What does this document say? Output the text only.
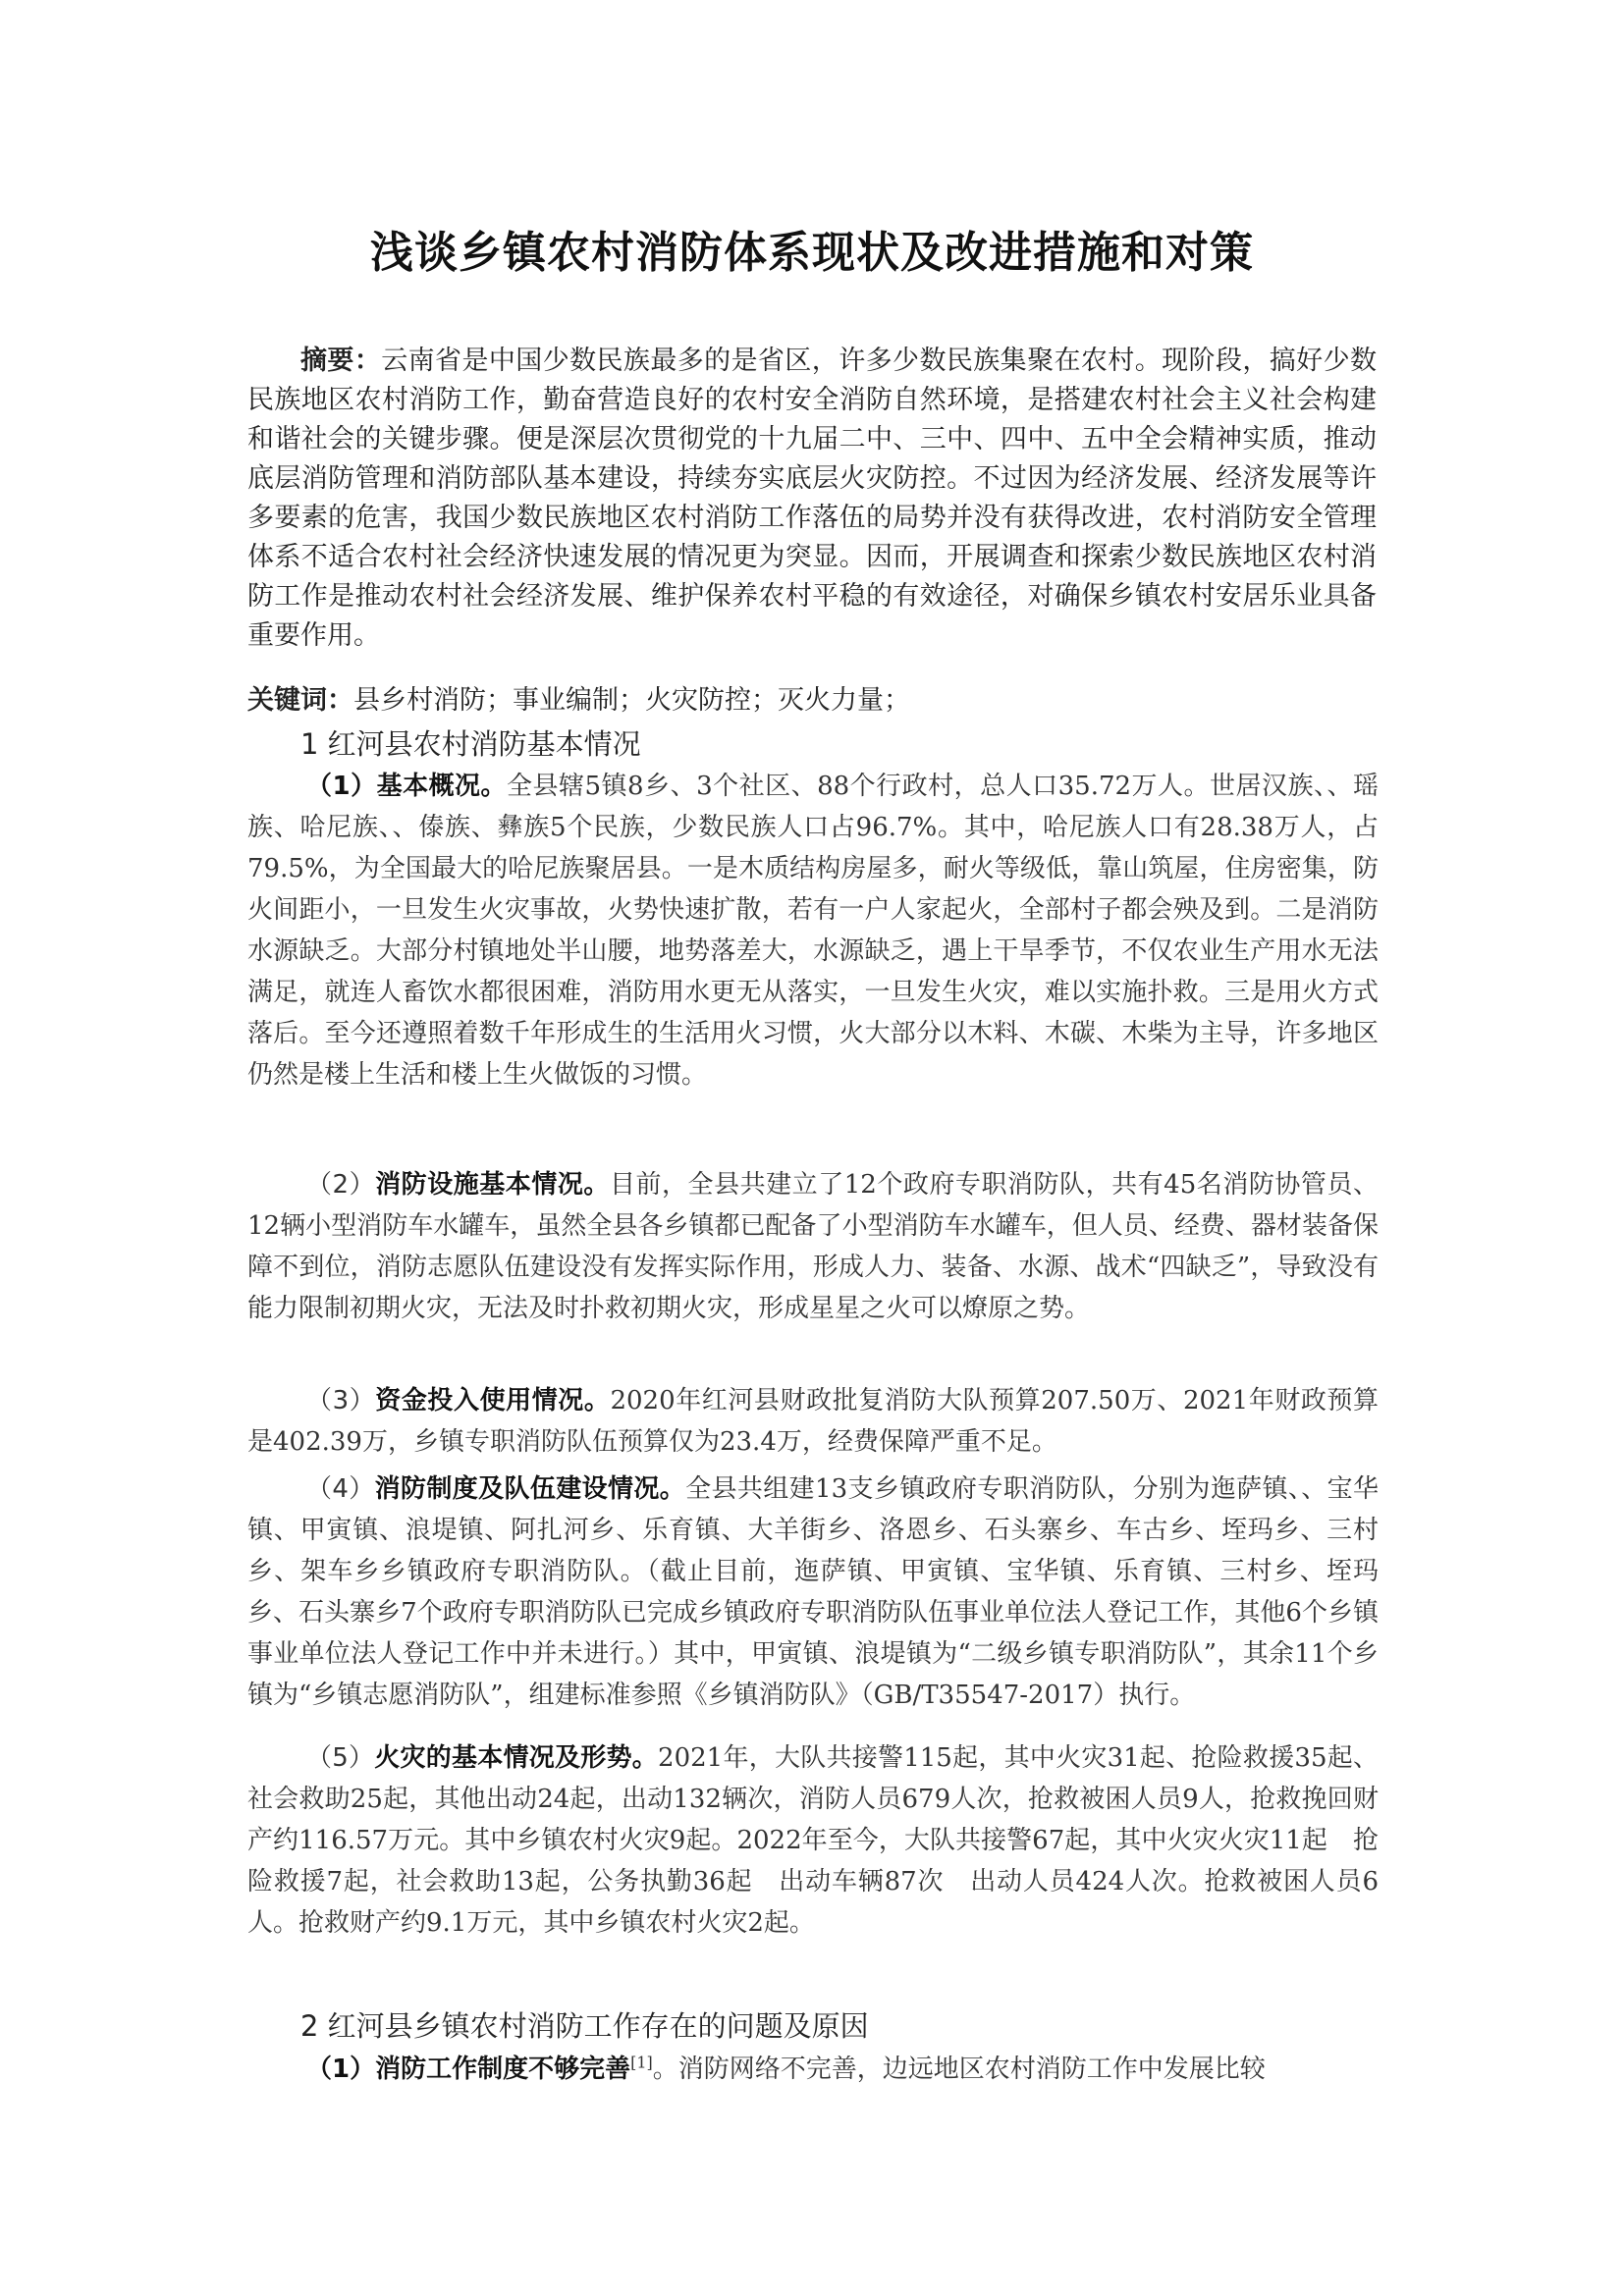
浅谈乡镇农村消防体系现状及改进措施和对策

摘要：云南省是中国少数民族最多的是省区，许多少数民族集聚在农村。现阶段，搞好少数民族地区农村消防工作，勤奋营造良好的农村安全消防自然环境，是搭建农村社会主义社会构建和谐社会的关键步骤。便是深层次贯彻党的十九届二中、三中、四中、五中全会精神实质，推动底层消防管理和消防部队基本建设，持续夯实底层火灾防控。不过因为经济发展、经济发展等许多要素的危害，我国少数民族地区农村消防工作落伍的局势并没有获得改进，农村消防安全管理体系不适合农村社会经济快速发展的情况更为突显。因而，开展调查和探索少数民族地区农村消防工作是推动农村社会经济发展、维护保养农村平稳的有效途径，对确保乡镇农村安居乐业具备重要作用。

关键词：县乡村消防；事业编制；火灾防控；灭火力量；

1 红河县农村消防基本情况

（1）基本概况。全县辖5镇8乡、3个社区、88个行政村，总人口35.72万人。世居汉族、、瑶族、哈尼族、、傣族、彝族5个民族，少数民族人口占96.7%。其中，哈尼族人口有28.38万人，占79.5%，为全国最大的哈尼族聚居县。一是木质结构房屋多，耐火等级低，靠山筑屋，住房密集，防火间距小，一旦发生火灾事故，火势快速扩散，若有一户人家起火，全部村子都会殃及到。二是消防水源缺乏。大部分村镇地处半山腰，地势落差大，水源缺乏，遇上干旱季节，不仅农业生产用水无法满足，就连人畜饮水都很困难，消防用水更无从落实，一旦发生火灾，难以实施扑救。三是用火方式落后。至今还遵照着数千年形成生的生活用火习惯，火大部分以木料、木碳、木柴为主导，许多地区仍然是楼上生活和楼上生火做饭的习惯。

（2）消防设施基本情况。目前，全县共建立了12个政府专职消防队，共有45名消防协管员、12辆小型消防车水罐车，虽然全县各乡镇都已配备了小型消防车水罐车，但人员、经费、器材装备保障不到位，消防志愿队伍建设没有发挥实际作用，形成人力、装备、水源、战术“四缺乏”，导致没有能力限制初期火灾，无法及时扑救初期火灾，形成星星之火可以燎原之势。

（3）资金投入使用情况。2020年红河县财政批复消防大队预算207.50万、2021年财政预算是402.39万，乡镇专职消防队伍预算仅为23.4万，经费保障严重不足。

（4）消防制度及队伍建设情况。全县共组建13支乡镇政府专职消防队，分别为迤萨镇、、宝华镇、甲寅镇、浪堤镇、阿扎河乡、乐育镇、大羊街乡、洛恩乡、石头寨乡、车古乡、垤玛乡、三村乡、架车乡乡镇政府专职消防队。（截止目前，迤萨镇、甲寅镇、宝华镇、乐育镇、三村乡、垤玛乡、石头寨乡7个政府专职消防队已完成乡镇政府专职消防队伍事业单位法人登记工作，其他6个乡镇事业单位法人登记工作中并未进行。）其中，甲寅镇、浪堤镇为“二级乡镇专职消防队”，其余11个乡镇为“乡镇志愿消防队”，组建标准参照《乡镇消防队》（GB/T35547-2017）执行。

（5）火灾的基本情况及形势。2021年，大队共接警115起，其中火灾31起、抢险救援35起、社会救助25起，其他出动24起，出动132辆次，消防人员679人次，抢救被困人员9人，抢救挽回财产约116.57万元。其中乡镇农村火灾9起。2022年至今，大队共接警67起，其中火灾火灾11起　抢险救援7起，社会救助13起，公务执勤36起　出动车辆87次　出动人员424人次。抢救被困人员6人。抢救财产约9.1万元，其中乡镇农村火灾2起。

2 红河县乡镇农村消防工作存在的问题及原因

（1）消防工作制度不够完善[1]。消防网络不完善，边远地区农村消防工作中发展比较
